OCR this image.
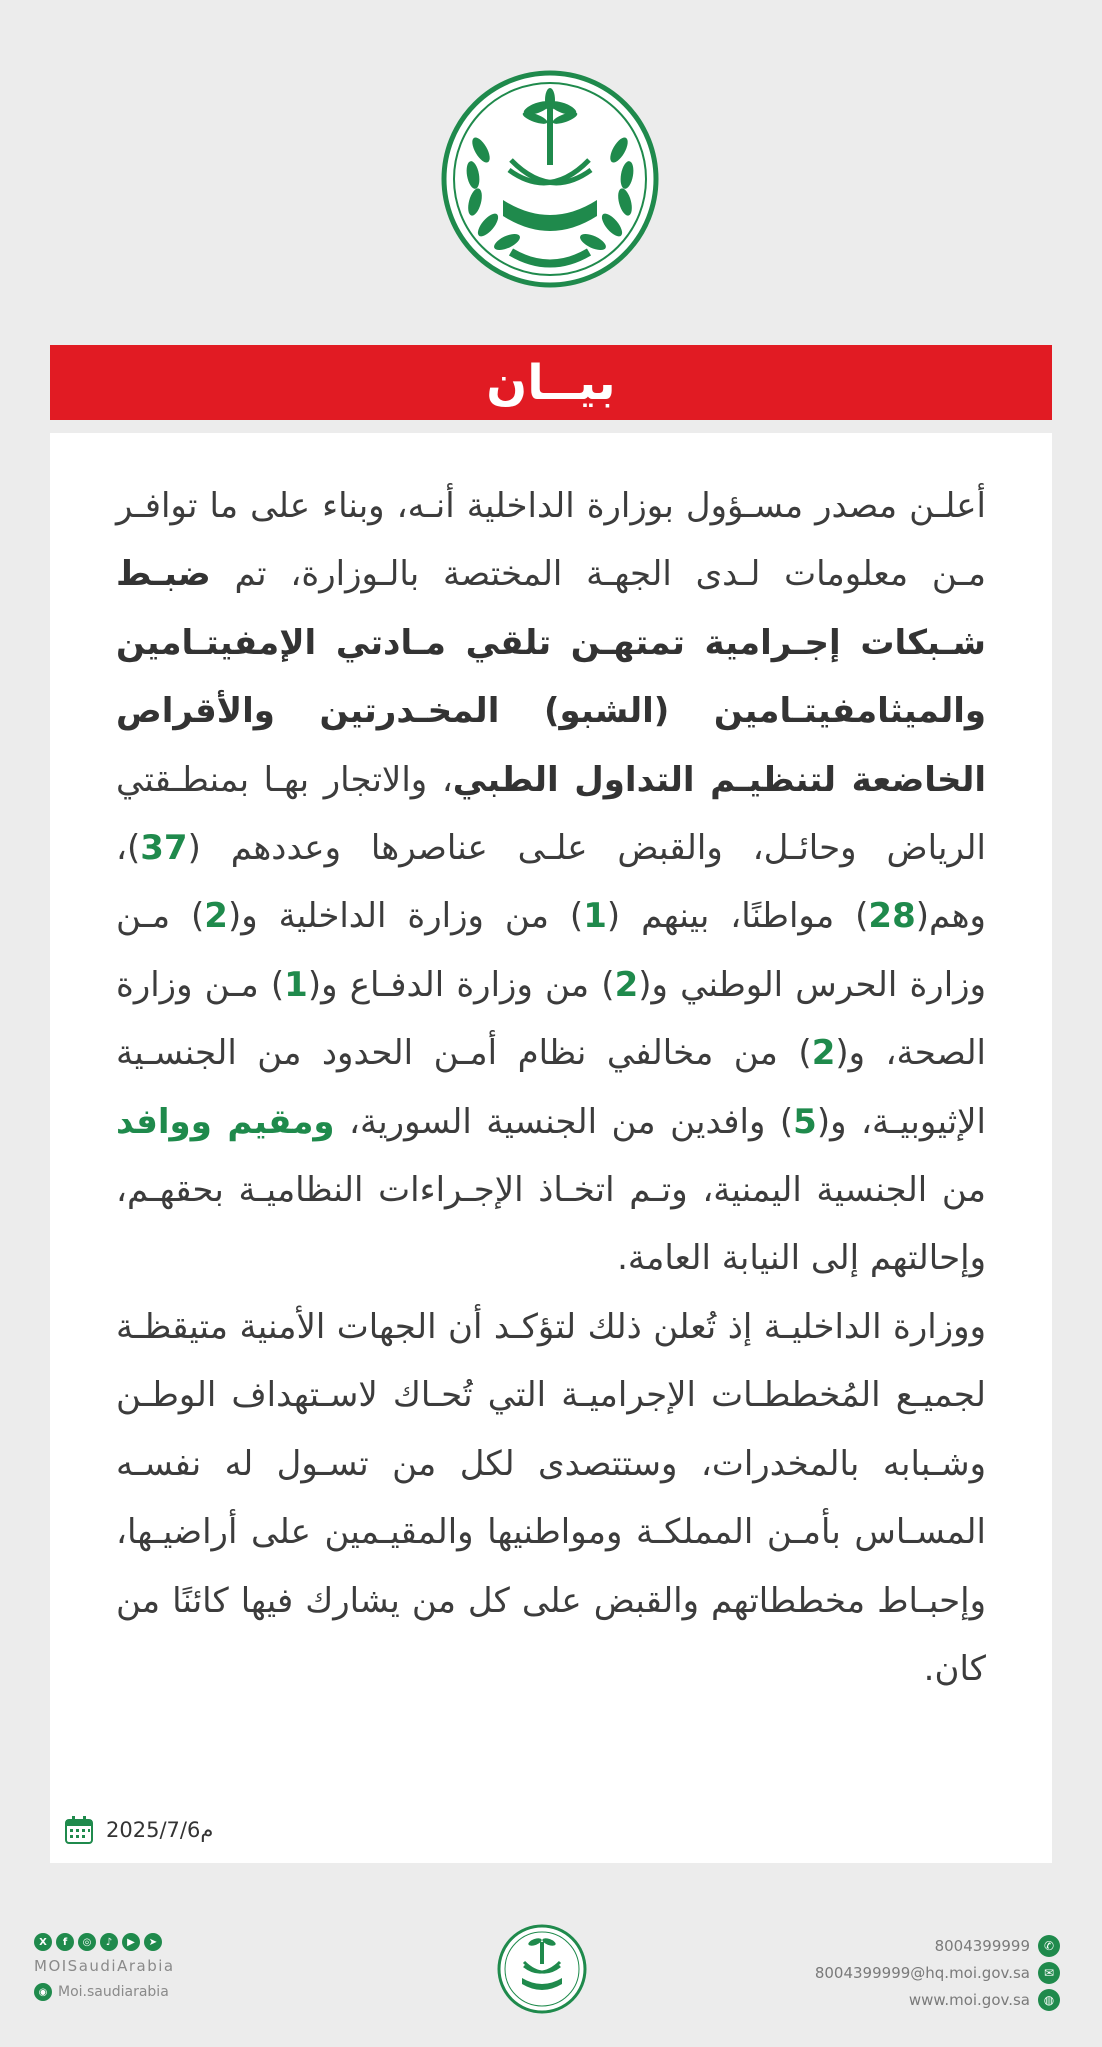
بيــان

أعلـن مصدر مسـؤول بوزارة الداخلية أنـه، وبناء على ما توافـر مـن معلومات لـدى الجهـة المختصة بالـوزارة، تم ضبـط شـبكات إجـرامية تمتهـن تلقي مـادتي الإمفيتـامين والميثامفيتـامين (الشبو) المخـدرتين والأقراص الخاضعة لتنظيـم التداول الطبي، والاتجار بهـا بمنطـقتي الرياض وحائـل، والقبض علـى عناصرها وعددهم (37)، وهم(28) مواطنًا، بينهم (1) من وزارة الداخلية و(2) مـن وزارة الحرس الوطني و(2) من وزارة الدفـاع و(1) مـن وزارة الصحة، و(2) من مخالفي نظام أمـن الحدود من الجنسـية الإثيوبيـة، و(5) وافدين من الجنسية السورية، ومقيم ووافد من الجنسية اليمنية، وتـم اتخـاذ الإجـراءات النظاميـة بحقهـم، وإحالتهم إلى النيابة العامة.

ووزارة الداخليـة إذ تُعلن ذلك لتؤكـد أن الجهات الأمنية متيقظـة لجميـع المُخططـات الإجراميـة التي تُحـاك لاسـتهداف الوطـن وشـبابه بالمخدرات، وستتصدى لكل من تسـول له نفسـه المسـاس بأمـن المملكـة ومواطنيها والمقيـمين على أراضيـها، وإحبـاط مخططاتهم والقبض على كل من يشارك فيها كائنًا من كان.

2025/7/6م
X	f	◎	♪	▶	➤
MOISaudiArabia
◉ Moi.saudiarabia
8004399999	✆
8004399999@hq.moi.gov.sa	✉
www.moi.gov.sa	◍
